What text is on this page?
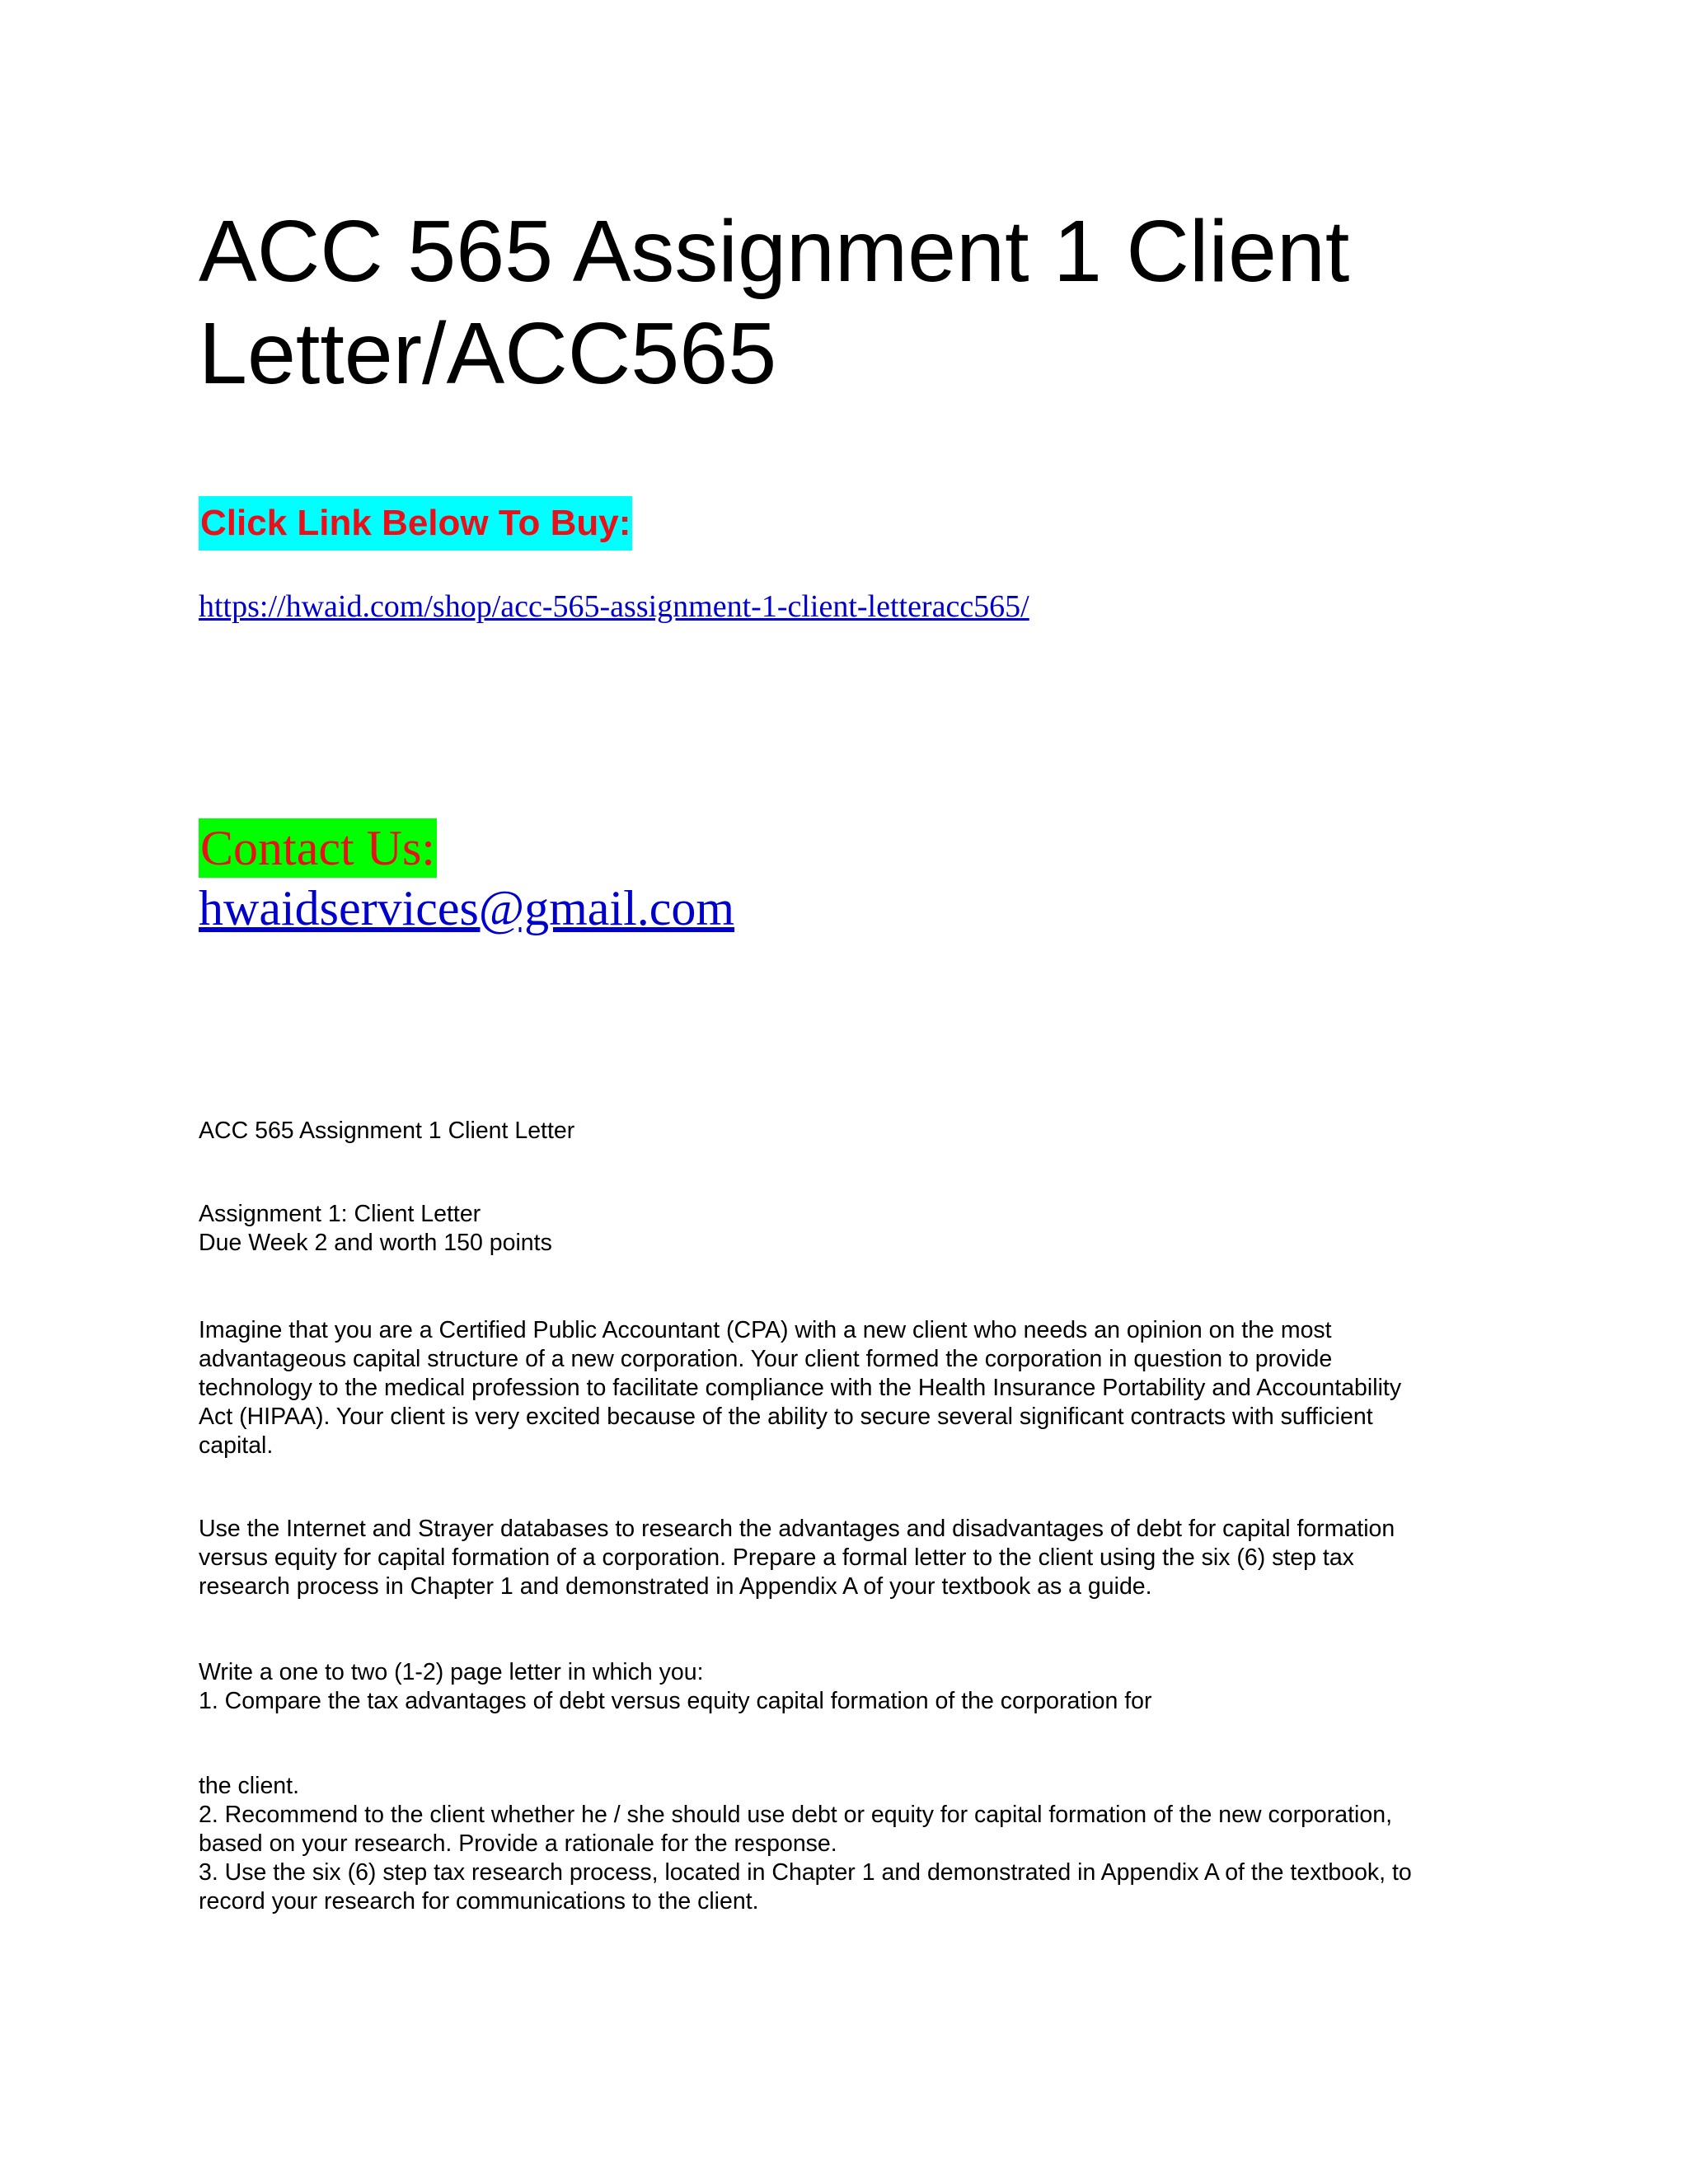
ACC 565 Assignment 1 Client
Letter/ACC565
Click Link Below To Buy:
https://hwaid.com/shop/acc-565-assignment-1-client-letteracc565/
Contact Us:
hwaidservices@gmail.com

ACC 565 Assignment 1 Client Letter

Assignment 1: Client Letter

Due Week 2 and worth 150 points

Imagine that you are a Certified Public Accountant (CPA) with a new client who needs an opinion on the most

advantageous capital structure of a new corporation. Your client formed the corporation in question to provide

technology to the medical profession to facilitate compliance with the Health Insurance Portability and Accountability

Act (HIPAA). Your client is very excited because of the ability to secure several significant contracts with sufficient

capital.

Use the Internet and Strayer databases to research the advantages and disadvantages of debt for capital formation

versus equity for capital formation of a corporation. Prepare a formal letter to the client using the six (6) step tax

research process in Chapter 1 and demonstrated in Appendix A of your textbook as a guide.

Write a one to two (1-2) page letter in which you:

1. Compare the tax advantages of debt versus equity capital formation of the corporation for

the client.

2. Recommend to the client whether he / she should use debt or equity for capital formation of the new corporation,

based on your research. Provide a rationale for the response.

3. Use the six (6) step tax research process, located in Chapter 1 and demonstrated in Appendix A of the textbook, to

record your research for communications to the client.
